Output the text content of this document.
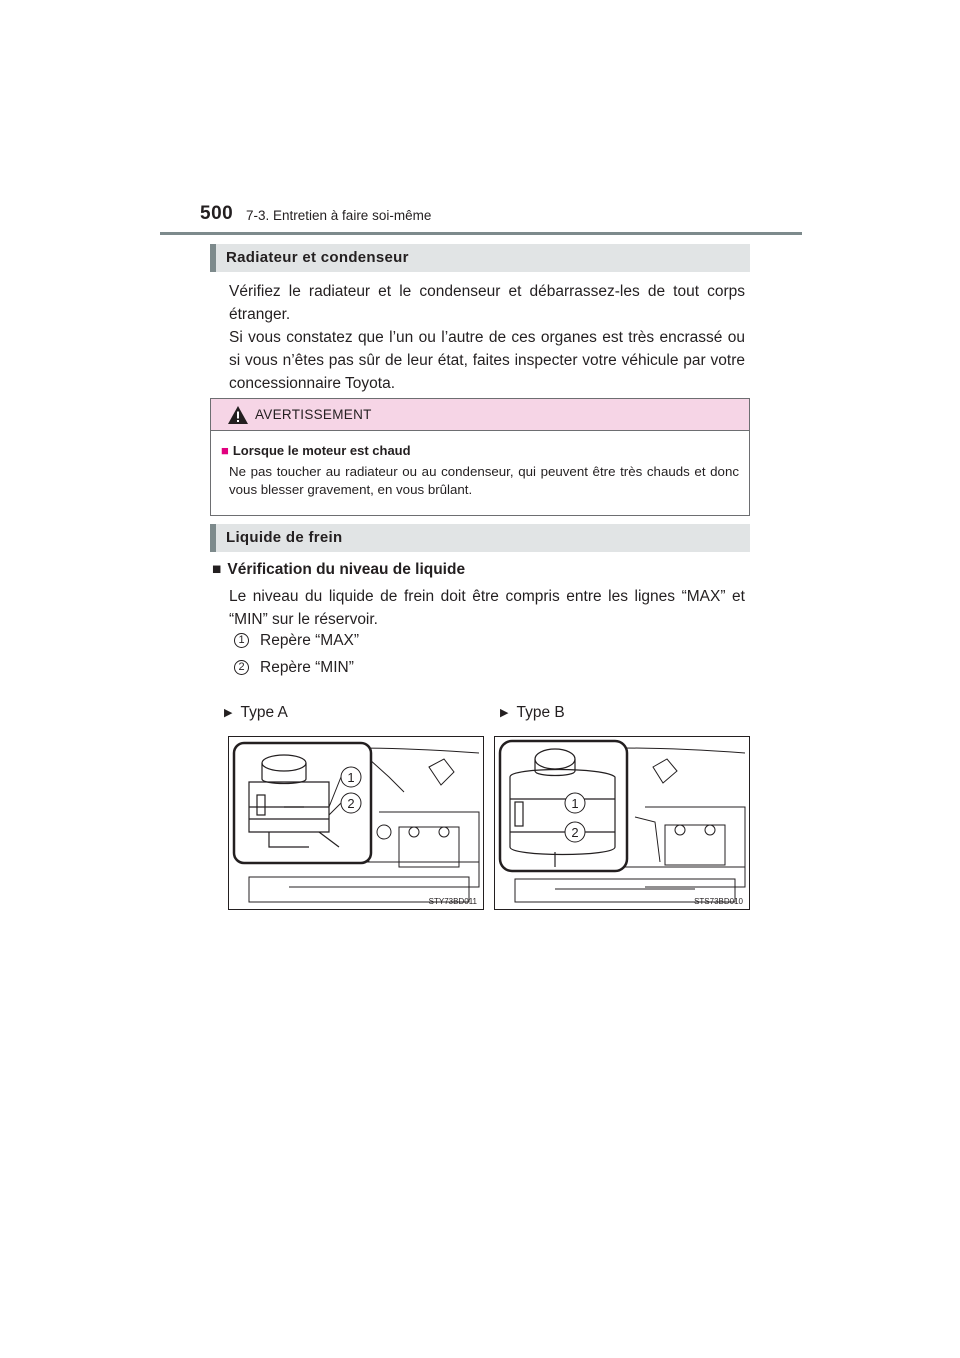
500 7-3. Entretien à faire soi-même
Radiateur et condenseur
Vérifiez le radiateur et le condenseur et débarrassez-les de tout corps étranger.
Si vous constatez que l’un ou l’autre de ces organes est très encrassé ou si vous n’êtes pas sûr de leur état, faites inspecter votre véhicule par votre concessionnaire Toyota.
AVERTISSEMENT
■ Lorsque le moteur est chaud
Ne pas toucher au radiateur ou au condenseur, qui peuvent être très chauds et donc vous blesser gravement, en vous brûlant.
Liquide de frein
■ Vérification du niveau de liquide
Le niveau du liquide de frein doit être compris entre les lignes “MAX” et “MIN” sur le réservoir.
1 Repère “MAX”
2 Repère “MIN”
▶ Type A	▶ Type B
1
2
STY73BD011
1
2
STS73BD010
